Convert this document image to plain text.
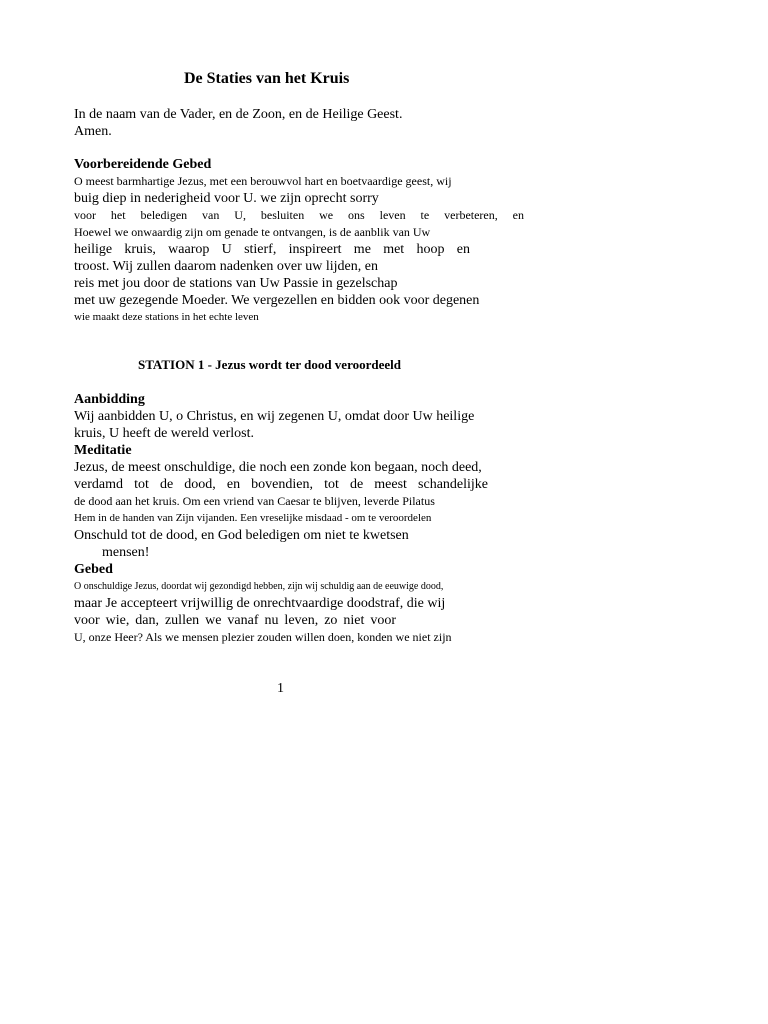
De Staties van het Kruis
In de naam van de Vader, en de Zoon, en de Heilige Geest.
Amen.
Voorbereidende Gebed
O meest barmhartige Jezus, met een berouwvol hart en boetvaardige geest, wij
buig diep in nederigheid voor U. we zijn oprecht sorry
voor het beledigen van U, besluiten we ons leven te verbeteren, en
Hoewel we onwaardig zijn om genade te ontvangen, is de aanblik van Uw
heilige kruis, waarop U stierf, inspireert me met hoop en
troost. Wij zullen daarom nadenken over uw lijden, en
reis met jou door de stations van Uw Passie in gezelschap
met uw gezegende Moeder. We vergezellen en bidden ook voor degenen
wie maakt deze stations in het echte leven
STATION 1 - Jezus wordt ter dood veroordeeld
Aanbidding
Wij aanbidden U, o Christus, en wij zegenen U, omdat door Uw heilige
kruis, U heeft de wereld verlost.
Meditatie
Jezus, de meest onschuldige, die noch een zonde kon begaan, noch deed,
verdamd tot de dood, en bovendien, tot de meest schandelijke
de dood aan het kruis. Om een vriend van Caesar te blijven, leverde Pilatus
Hem in de handen van Zijn vijanden. Een vreselijke misdaad - om te veroordelen
Onschuld tot de dood, en God beledigen om niet te kwetsen
mensen!
Gebed
O onschuldige Jezus, doordat wij gezondigd hebben, zijn wij schuldig aan de eeuwige dood,
maar Je accepteert vrijwillig de onrechtvaardige doodstraf, die wij
voor wie, dan, zullen we vanaf nu leven, zo niet voor
U, onze Heer? Als we mensen plezier zouden willen doen, konden we niet zijn
1
